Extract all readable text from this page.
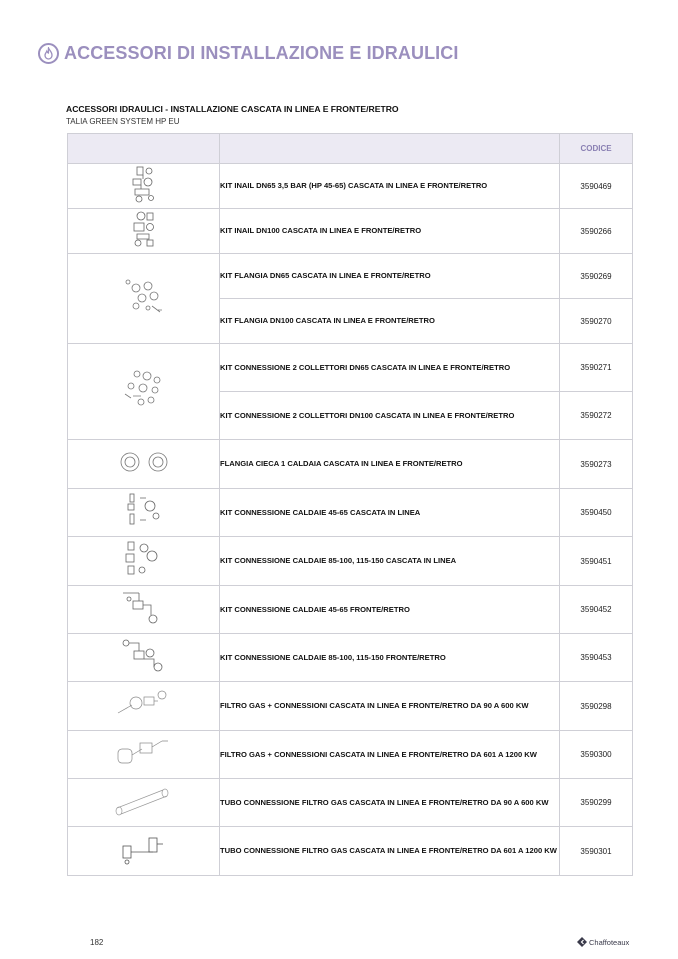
ACCESSORI DI INSTALLAZIONE E IDRAULICI
ACCESSORI IDRAULICI - INSTALLAZIONE CASCATA IN LINEA E FRONTE/RETRO
TALIA GREEN SYSTEM HP EU
		CODICE
	KIT INAIL DN65 3,5 BAR (HP 45-65) CASCATA IN LINEA E FRONTE/RETRO	3590469
	KIT INAIL DN100 CASCATA IN LINEA E FRONTE/RETRO	3590266
	KIT FLANGIA DN65 CASCATA IN LINEA E FRONTE/RETRO	3590269
	KIT FLANGIA DN100 CASCATA IN LINEA E FRONTE/RETRO	3590270
	KIT CONNESSIONE 2 COLLETTORI DN65 CASCATA IN LINEA E FRONTE/RETRO	3590271
	KIT CONNESSIONE 2 COLLETTORI DN100 CASCATA IN LINEA E FRONTE/RETRO	3590272
	FLANGIA CIECA 1 CALDAIA CASCATA IN LINEA E FRONTE/RETRO	3590273
	KIT CONNESSIONE CALDAIE 45-65 CASCATA IN LINEA	3590450
	KIT CONNESSIONE CALDAIE 85-100, 115-150 CASCATA IN LINEA	3590451
	KIT CONNESSIONE CALDAIE 45-65 FRONTE/RETRO	3590452
	KIT CONNESSIONE CALDAIE 85-100, 115-150 FRONTE/RETRO	3590453
	FILTRO GAS + CONNESSIONI CASCATA IN LINEA E FRONTE/RETRO DA 90 A 600 KW	3590298
	FILTRO GAS + CONNESSIONI CASCATA IN LINEA E FRONTE/RETRO DA 601 A 1200 KW	3590300
	TUBO CONNESSIONE FILTRO GAS CASCATA IN LINEA E FRONTE/RETRO DA 90 A 600 KW	3590299
	TUBO CONNESSIONE FILTRO GAS CASCATA IN LINEA E FRONTE/RETRO DA 601 A 1200 KW	3590301
182	Chaffoteaux
